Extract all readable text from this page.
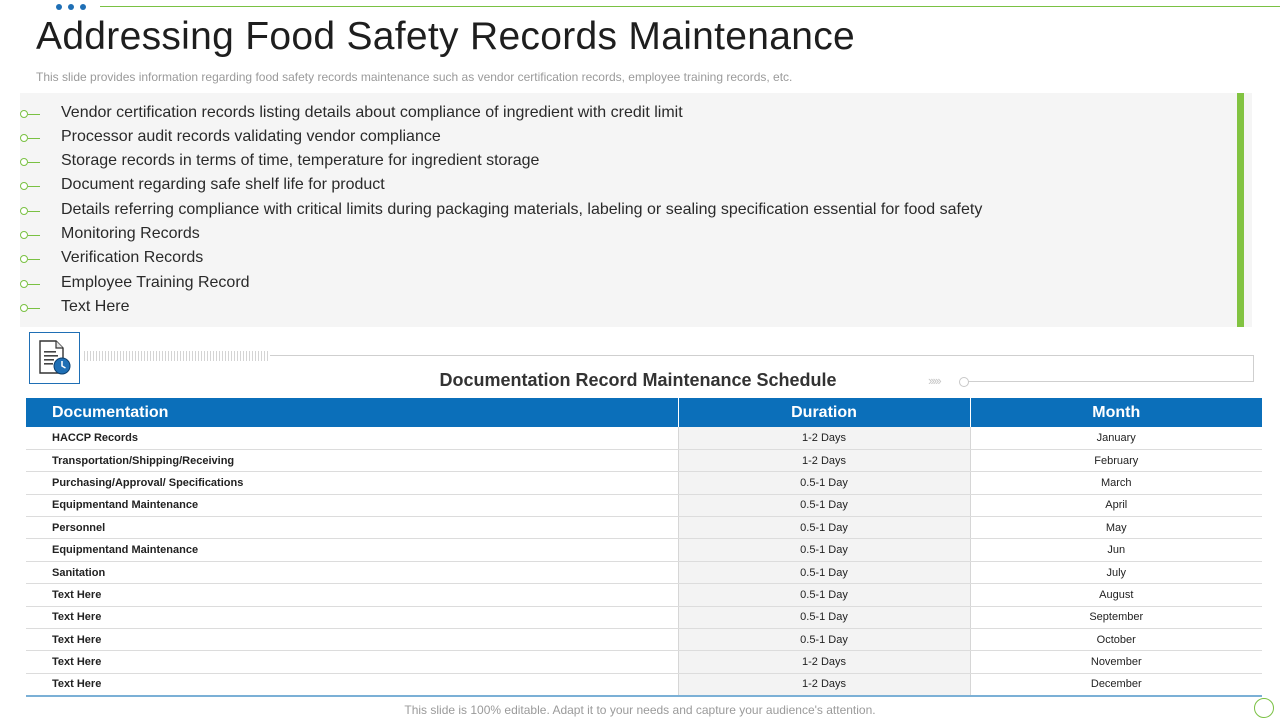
Addressing Food Safety Records Maintenance

This slide provides information regarding food safety records maintenance such as vendor certification records, employee training records, etc.

Vendor certification records listing details about compliance of ingredient with credit limit
Processor audit records validating vendor compliance
Storage records in terms of time, temperature for ingredient storage
Document regarding safe shelf life for product
Details referring compliance with critical limits during packaging materials, labeling or sealing specification essential for food safety
Monitoring Records
Verification Records
Employee Training Record
Text Here
›››››
Documentation Record Maintenance Schedule
Documentation	Duration	Month
HACCP Records	1-2 Days	January
Transportation/Shipping/Receiving	1-2 Days	February
Purchasing/Approval/ Specifications	0.5-1 Day	March
Equipmentand Maintenance	0.5-1 Day	April
Personnel	0.5-1 Day	May
Equipmentand Maintenance	0.5-1 Day	Jun
Sanitation	0.5-1 Day	July
Text Here	0.5-1 Day	August
Text Here	0.5-1 Day	September
Text Here	0.5-1 Day	October
Text Here	1-2 Days	November
Text Here	1-2 Days	December
This slide is 100% editable. Adapt it to your needs and capture your audience's attention.
